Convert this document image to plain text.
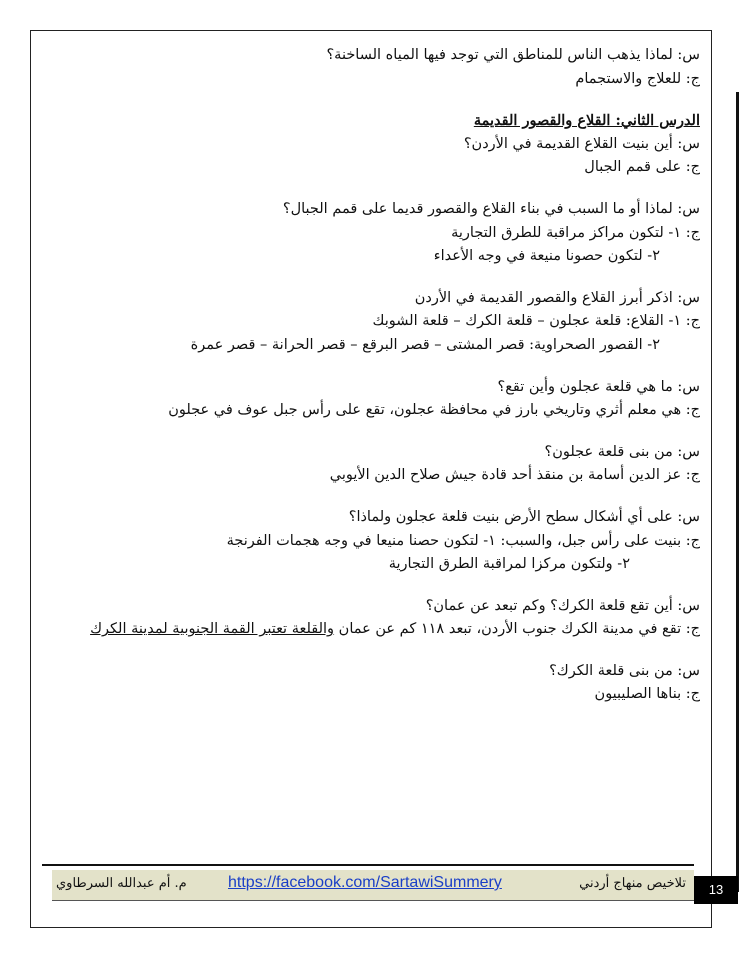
س: لماذا يذهب الناس للمناطق التي توجد فيها المياه الساخنة؟
ج: للعلاج والاستجمام
الدرس الثاني: القلاع والقصور القديمة
س: أين بنيت القلاع القديمة في الأردن؟
ج: على قمم الجبال
س: لماذا أو ما السبب في بناء القلاع والقصور قديما على قمم الجبال؟
ج: ١- لتكون مراكز مراقبة للطرق التجارية
٢- لتكون حصونا منيعة في وجه الأعداء
س: اذكر أبرز القلاع والقصور القديمة في الأردن
ج: ١- القلاع: قلعة عجلون – قلعة الكرك – قلعة الشوبك
٢- القصور الصحراوية: قصر المشتى – قصر البرقع – قصر الحرانة – قصر عمرة
س: ما هي قلعة عجلون وأين تقع؟
ج: هي معلم أثري وتاريخي بارز في محافظة عجلون، تقع على رأس جبل عوف في عجلون
س: من بنى قلعة عجلون؟
ج: عز الدين أسامة بن منقذ أحد قادة جيش صلاح الدين الأيوبي
س: على أي أشكال سطح الأرض بنيت قلعة عجلون ولماذا؟
ج: بنيت على رأس جبل، والسبب: ١- لتكون حصنا منيعا في وجه هجمات الفرنجة
٢- ولتكون مركزا لمراقبة الطرق التجارية
س: أين تقع قلعة الكرك؟ وكم تبعد عن عمان؟
ج: تقع في مدينة الكرك جنوب الأردن، تبعد ١١٨ كم عن عمان والقلعة تعتبر القمة الجنوبية لمدينة الكرك
س: من بنى قلعة الكرك؟
ج: بناها الصليبيون
م. أم عبدالله السرطاوي	https://facebook.com/SartawiSummery	تلاخيص منهاج أردني	13
